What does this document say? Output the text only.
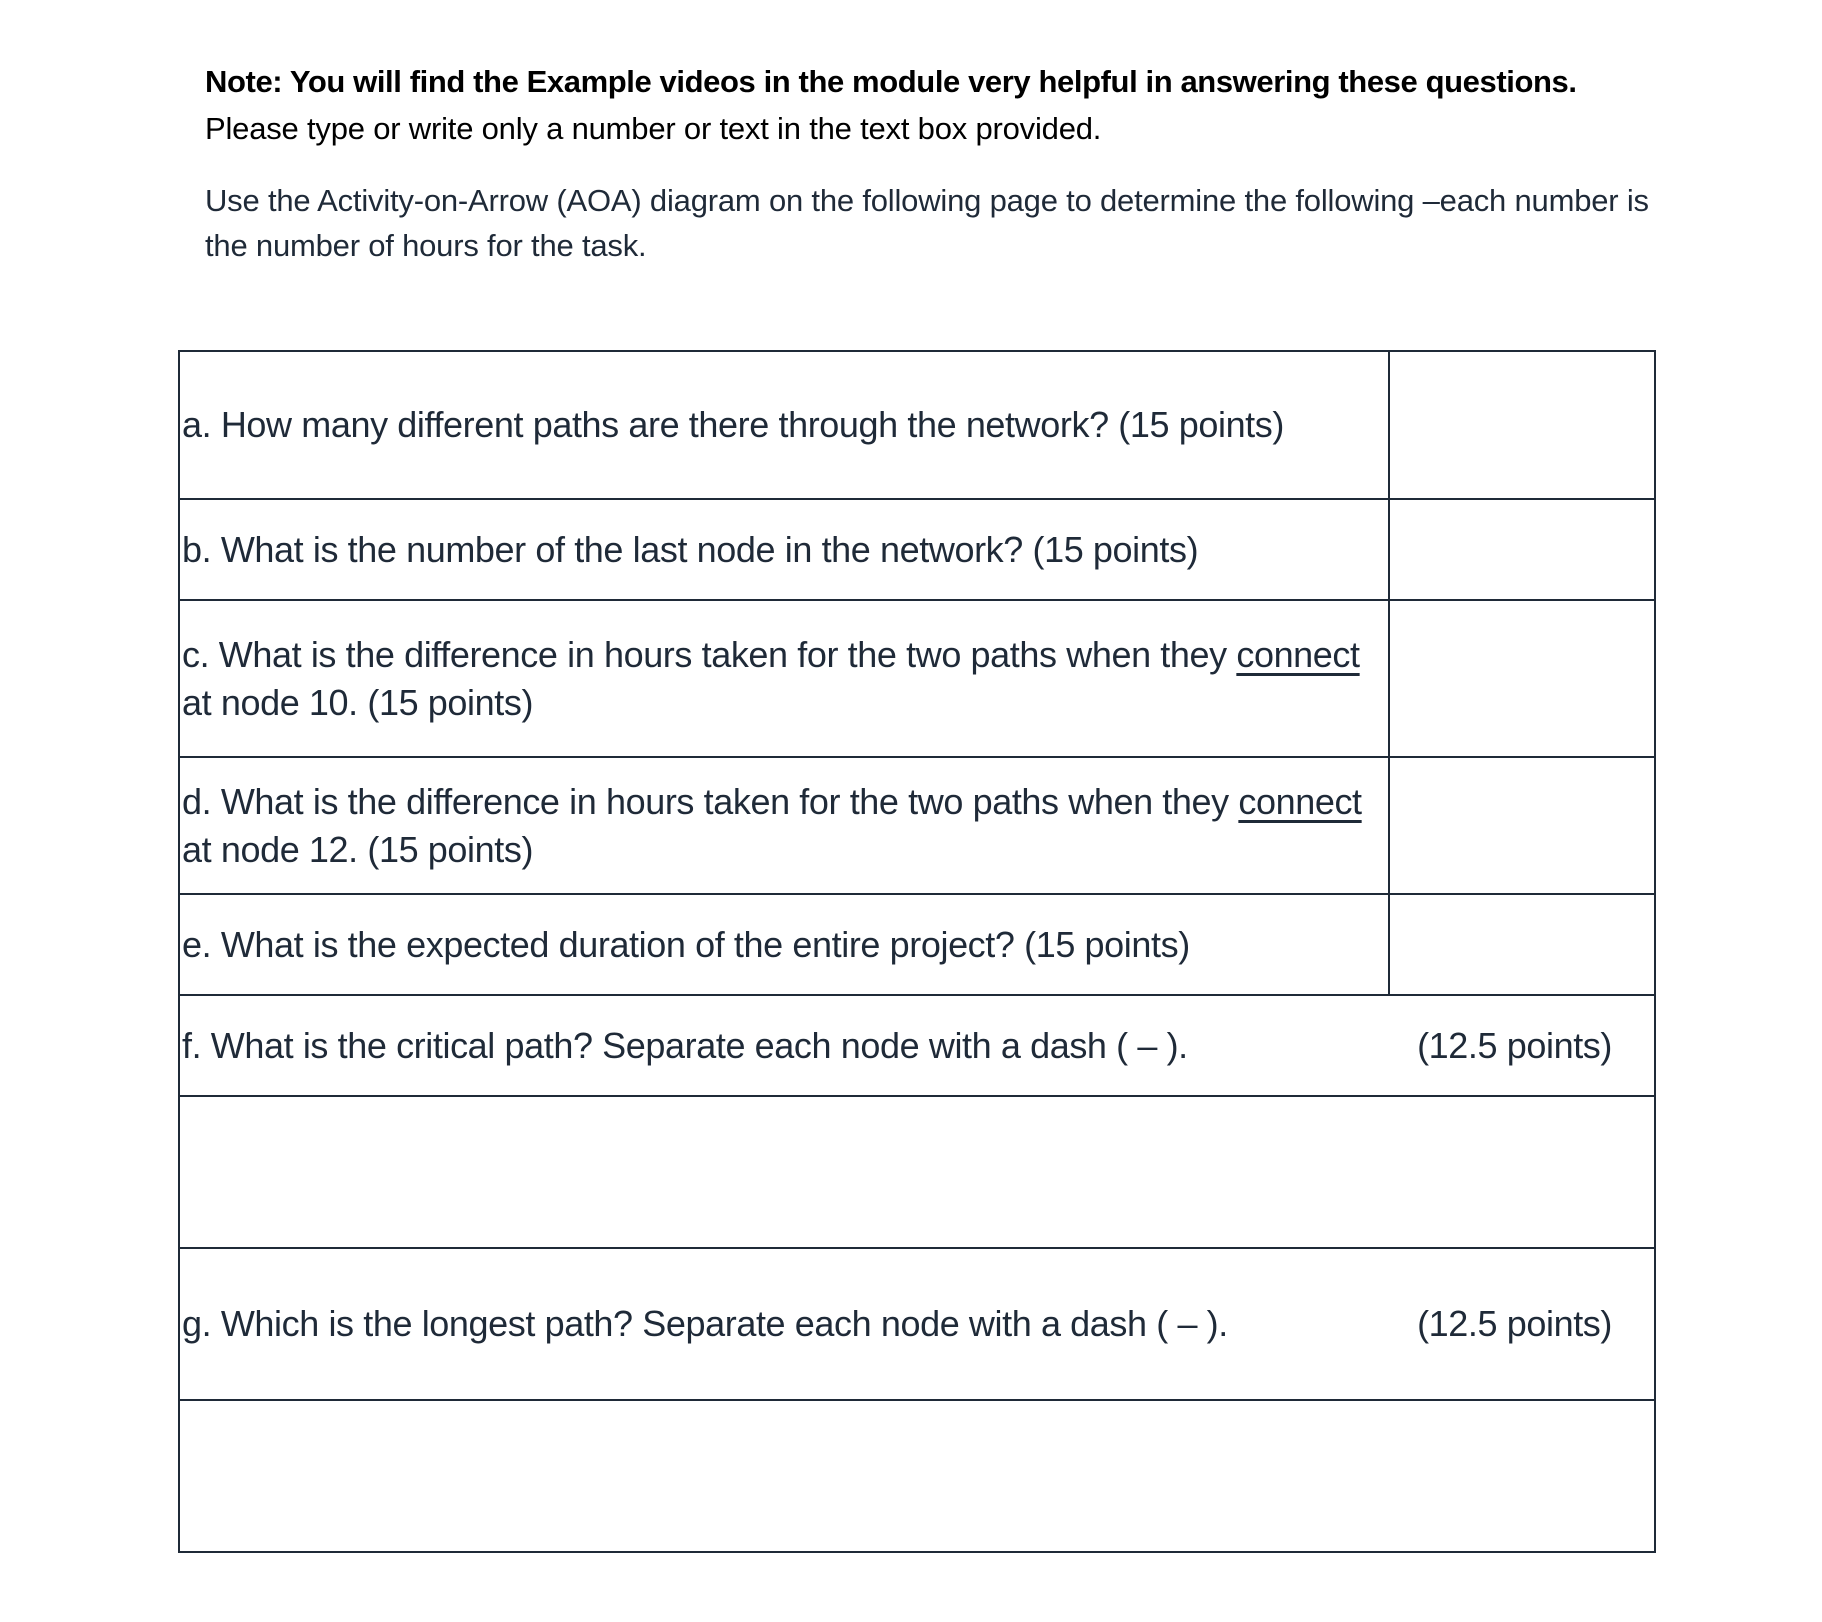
Note: You will find the Example videos in the module very helpful in answering these questions. Please type or write only a number or text in the text box provided.
Use the Activity-on-Arrow (AOA) diagram on the following page to determine the following –each number is the number of hours for the task.
a. How many different paths are there through the network? (15 points)	
b. What is the number of the last node in the network? (15 points)	
c. What is the difference in hours taken for the two paths when they connect at node 10. (15 points)	
d. What is the difference in hours taken for the two paths when they connect at node 12. (15 points)	
e. What is the expected duration of the entire project? (15 points)	

f. What is the critical path? Separate each node with a dash ( – ). (12.5 points)	

g. Which is the longest path? Separate each node with a dash ( – ). (12.5 points)	
